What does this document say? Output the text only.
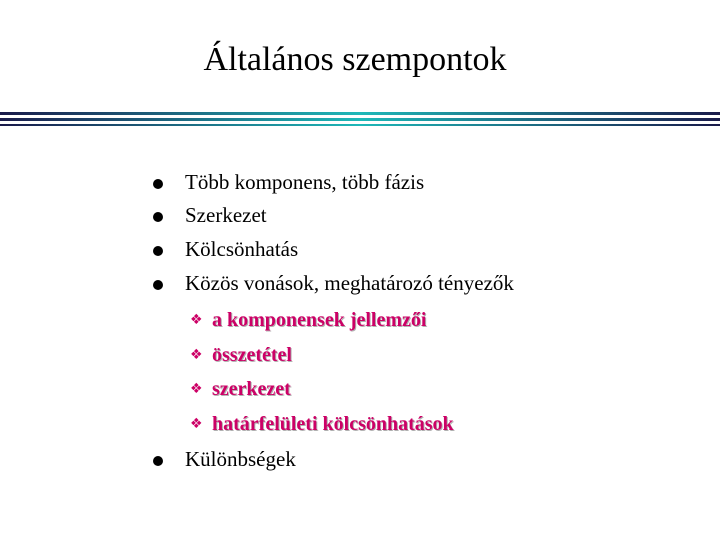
Általános szempontok
Több komponens, több fázis
Szerkezet
Kölcsönhatás
Közös vonások, meghatározó tényezők
❖ a komponensek jellemzői
❖ összetétel
❖ szerkezet
❖ határfelületi kölcsönhatások
Különbségek
